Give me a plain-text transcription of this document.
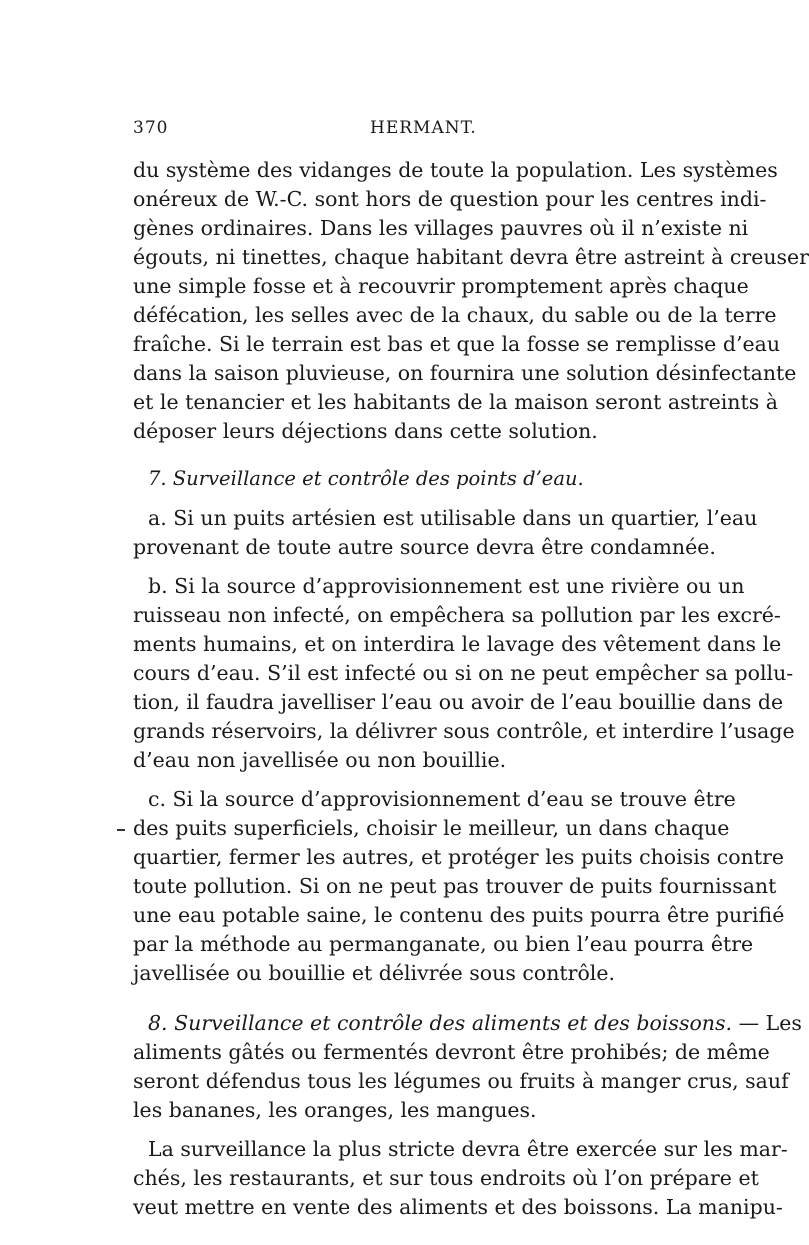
370	HERMANT.
du système des vidanges de toute la population. Les systèmes
onéreux de W.-C. sont hors de question pour les centres indi-
gènes ordinaires. Dans les villages pauvres où il n’existe ni
égouts, ni tinettes, chaque habitant devra être astreint à creuser
une simple fosse et à recouvrir promptement après chaque
défécation, les selles avec de la chaux, du sable ou de la terre
fraîche. Si le terrain est bas et que la fosse se remplisse d’eau
dans la saison pluvieuse, on fournira une solution désinfectante
et le tenancier et les habitants de la maison seront astreints à
déposer leurs déjections dans cette solution.
7. Surveillance et contrôle des points d’eau.
a. Si un puits artésien est utilisable dans un quartier, l’eau
provenant de toute autre source devra être condamnée.
b. Si la source d’approvisionnement est une rivière ou un
ruisseau non infecté, on empêchera sa pollution par les excré-
ments humains, et on interdira le lavage des vêtement dans le
cours d’eau. S’il est infecté ou si on ne peut empêcher sa pollu-
tion, il faudra javelliser l’eau ou avoir de l’eau bouillie dans de
grands réservoirs, la délivrer sous contrôle, et interdire l’usage
d’eau non javellisée ou non bouillie.
c. Si la source d’approvisionnement d’eau se trouve être
des puits superficiels, choisir le meilleur, un dans chaque
quartier, fermer les autres, et protéger les puits choisis contre
toute pollution. Si on ne peut pas trouver de puits fournissant
une eau potable saine, le contenu des puits pourra être purifié
par la méthode au permanganate, ou bien l’eau pourra être
javellisée ou bouillie et délivrée sous contrôle.
8. Surveillance et contrôle des aliments et des boissons. — Les
aliments gâtés ou fermentés devront être prohibés; de même
seront défendus tous les légumes ou fruits à manger crus, sauf
les bananes, les oranges, les mangues.
La surveillance la plus stricte devra être exercée sur les mar-
chés, les restaurants, et sur tous endroits où l’on prépare et
veut mettre en vente des aliments et des boissons. La manipu-
